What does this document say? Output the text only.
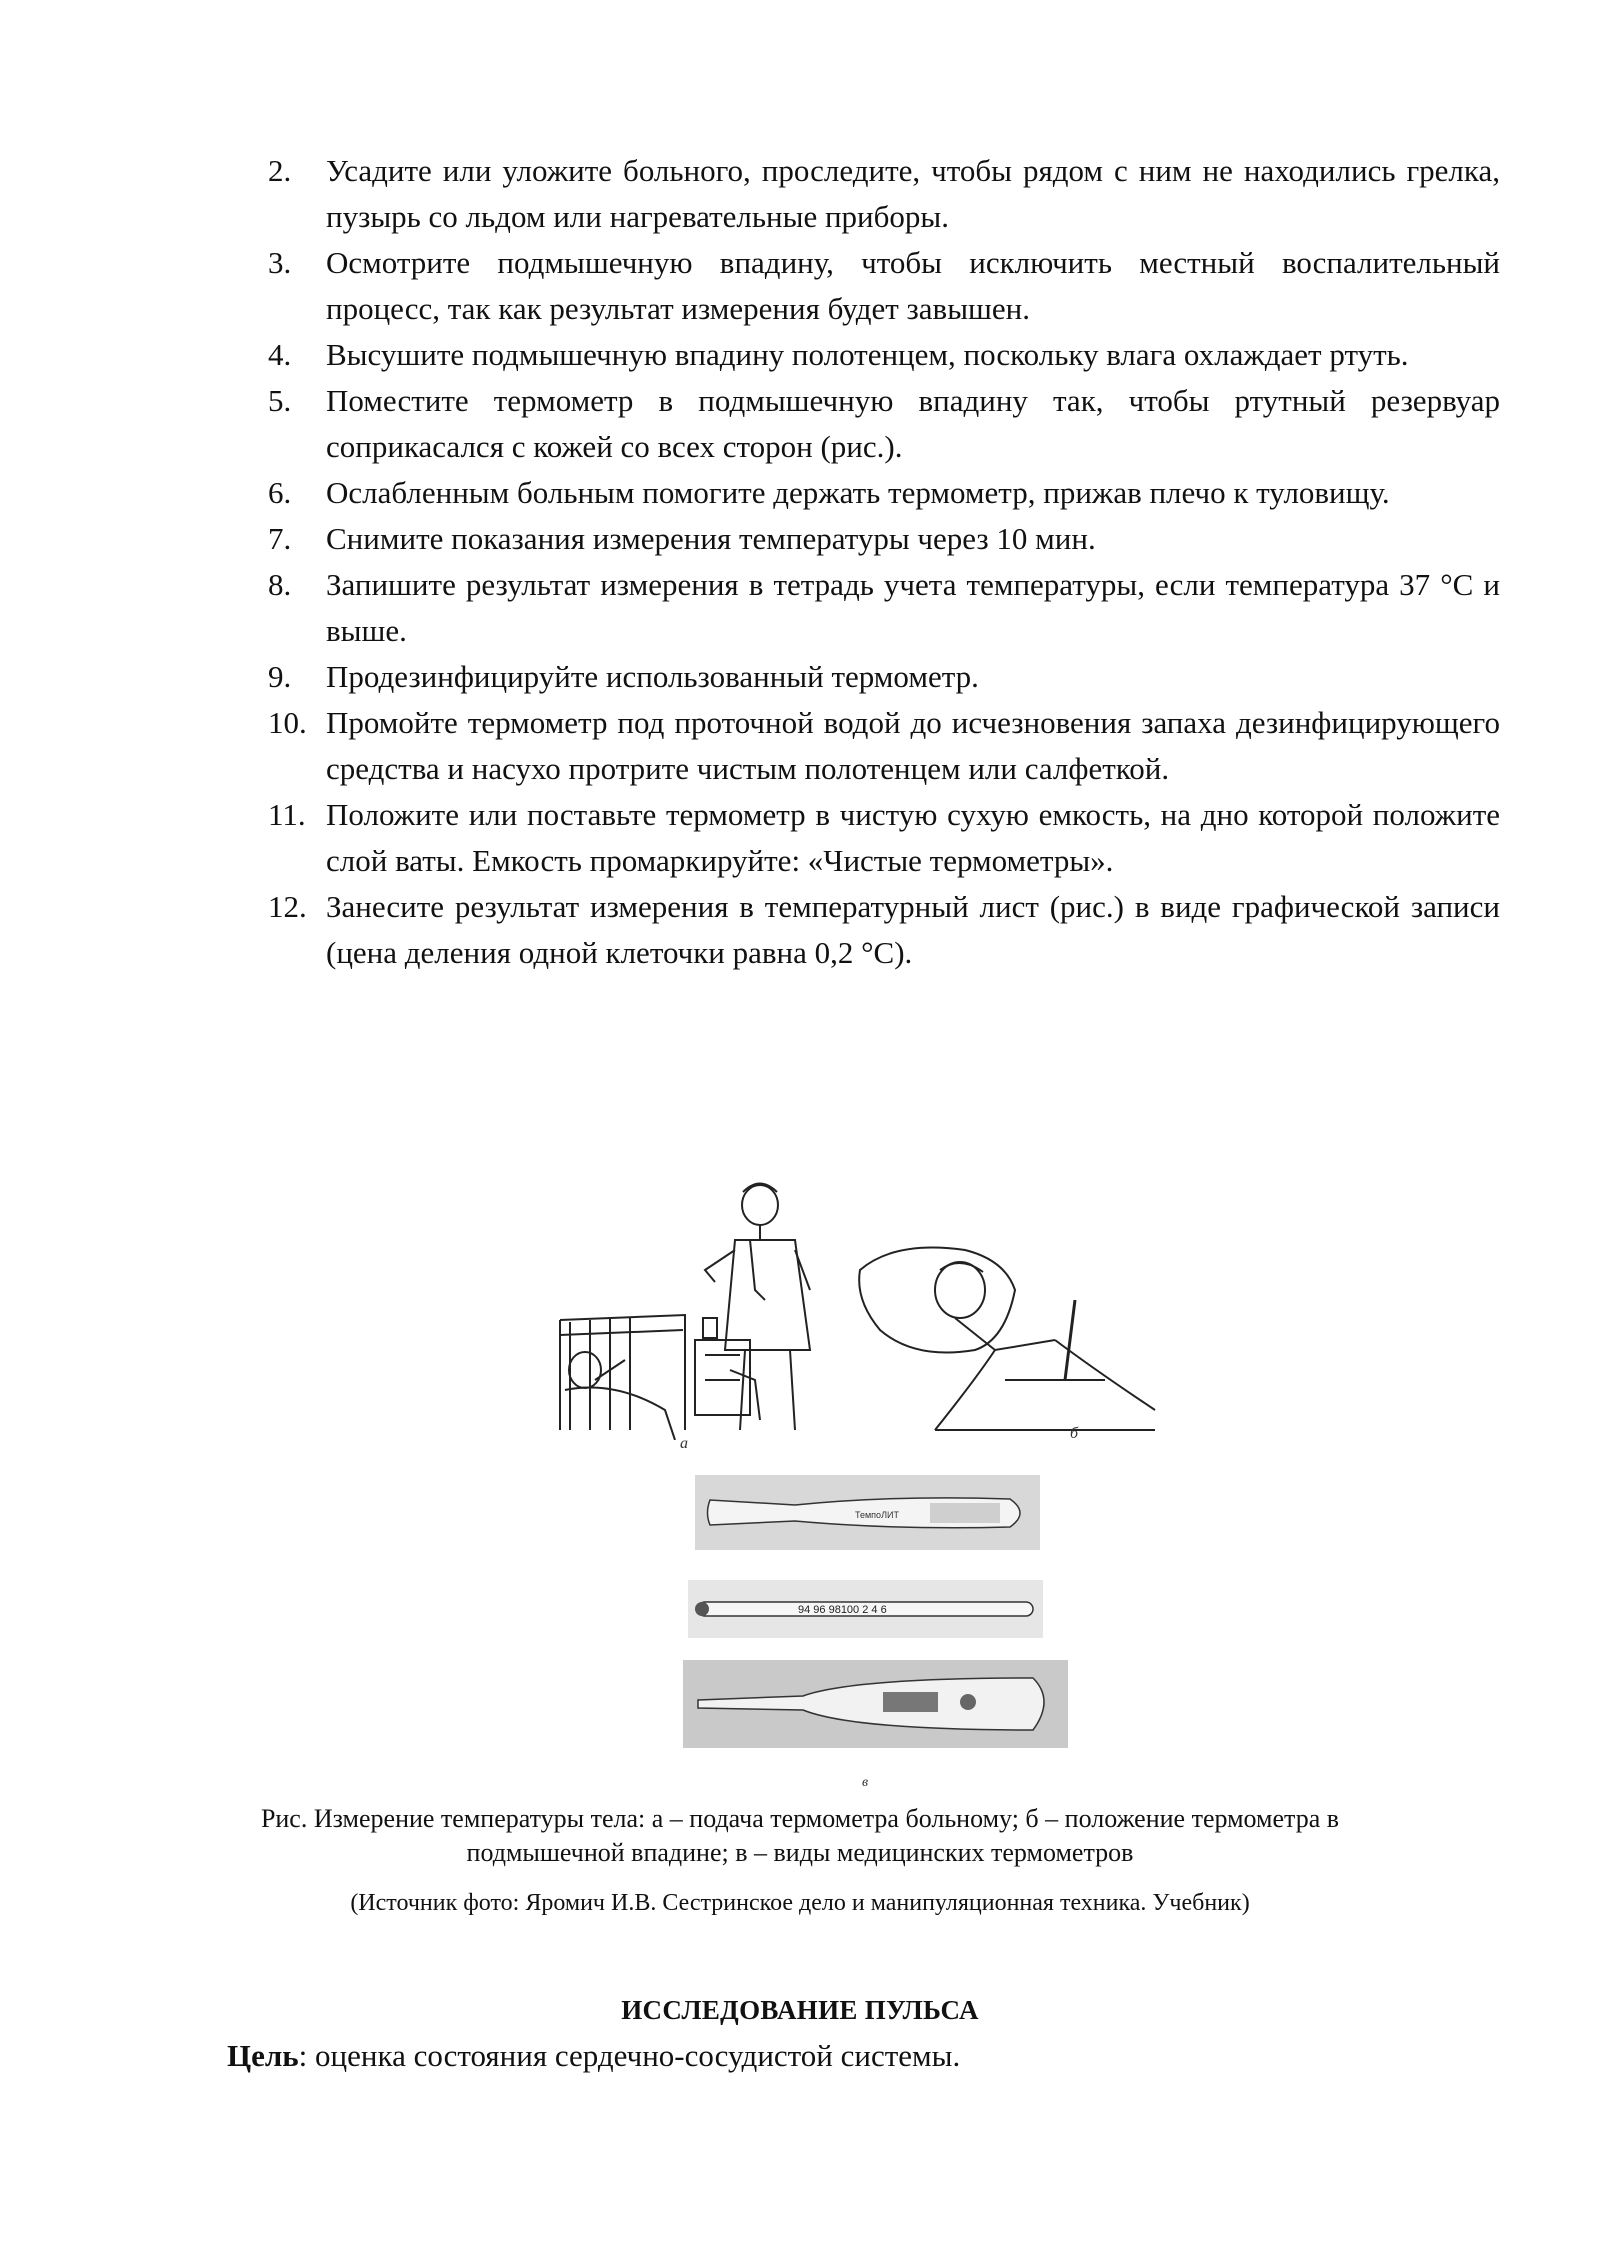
2.	Усадите или уложите больного, проследите, чтобы рядом с ним не находились грелка, пузырь со льдом или нагревательные приборы.
3.	Осмотрите подмышечную впадину, чтобы исключить местный воспалительный процесс, так как результат измерения будет завышен.
4.	Высушите подмышечную впадину полотенцем, поскольку влага охлаждает ртуть.
5.	Поместите термометр в подмышечную впадину так, чтобы ртутный резервуар соприкасался с кожей со всех сторон (рис.).
6.	Ослабленным больным помогите держать термометр, прижав плечо к туловищу.
7.	Снимите показания измерения температуры через 10 мин.
8.	Запишите результат измерения в тетрадь учета температуры, если температура 37 °С и выше.
9.	Продезинфицируйте использованный термометр.
10. Промойте термометр под проточной водой до исчезновения запаха дезинфицирующего средства и насухо протрите чистым полотенцем или салфеткой.
11. Положите или поставьте термометр в чистую сухую емкость, на дно которой положите слой ваты. Емкость промаркируйте: «Чистые термометры».
12. Занесите результат измерения в температурный лист (рис.) в виде графической записи (цена деления одной клеточки равна 0,2 °С).
а
б
ТемпоЛИТ
94 96 98100 2 4 6
в
Рис. Измерение температуры тела: а – подача термометра больному; б – положение термометра в подмышечной впадине; в – виды медицинских термометров
(Источник фото: Яромич И.В. Сестринское дело и манипуляционная техника. Учебник)
ИССЛЕДОВАНИЕ ПУЛЬСА
Цель: оценка состояния сердечно-сосудистой системы.
